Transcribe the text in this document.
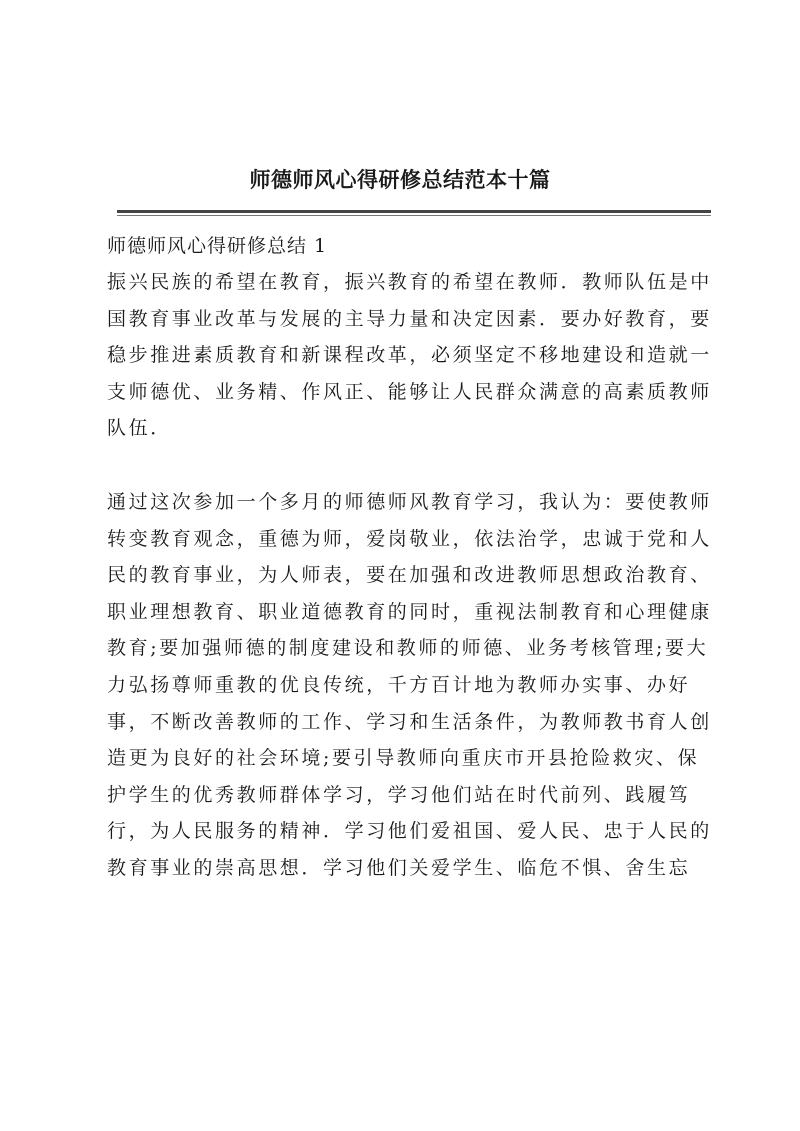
师德师风心得研修总结范本十篇

师德师风心得研修总结 1

振兴民族的希望在教育，振兴教育的希望在教师．教师队伍是中
国教育事业改革与发展的主导力量和决定因素．要办好教育，要
稳步推进素质教育和新课程改革，必须坚定不移地建设和造就一
支师德优、业务精、作风正、能够让人民群众满意的高素质教师
队伍．
通过这次参加一个多月的师德师风教育学习，我认为：要使教师
转变教育观念，重德为师，爱岗敬业，依法治学，忠诚于党和人
民的教育事业，为人师表，要在加强和改进教师思想政治教育、
职业理想教育、职业道德教育的同时，重视法制教育和心理健康
教育;要加强师德的制度建设和教师的师德、业务考核管理;要大
力弘扬尊师重教的优良传统，千方百计地为教师办实事、办好
事，不断改善教师的工作、学习和生活条件，为教师教书育人创
造更为良好的社会环境;要引导教师向重庆市开县抢险救灾、保
护学生的优秀教师群体学习，学习他们站在时代前列、践履笃
行，为人民服务的精神．学习他们爱祖国、爱人民、忠于人民的
教育事业的崇高思想．学习他们关爱学生、临危不惧、舍生忘
